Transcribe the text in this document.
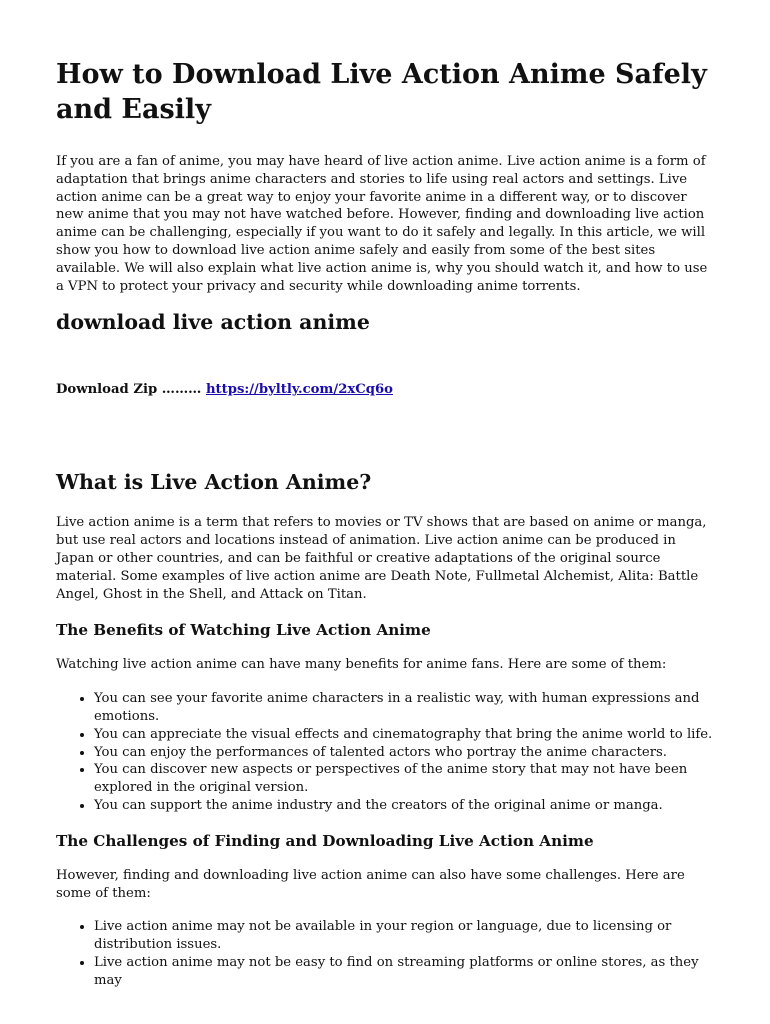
How to Download Live Action Anime Safely and Easily

If you are a fan of anime, you may have heard of live action anime. Live action anime is a form of adaptation that brings anime characters and stories to life using real actors and settings. Live action anime can be a great way to enjoy your favorite anime in a different way, or to discover new anime that you may not have watched before. However, finding and downloading live action anime can be challenging, especially if you want to do it safely and legally. In this article, we will show you how to download live action anime safely and easily from some of the best sites available. We will also explain what live action anime is, why you should watch it, and how to use a VPN to protect your privacy and security while downloading anime torrents.

download live action anime
Download Zip ……… https://byltly.com/2xCq6o
What is Live Action Anime?

Live action anime is a term that refers to movies or TV shows that are based on anime or manga, but use real actors and locations instead of animation. Live action anime can be produced in Japan or other countries, and can be faithful or creative adaptations of the original source material. Some examples of live action anime are Death Note, Fullmetal Alchemist, Alita: Battle Angel, Ghost in the Shell, and Attack on Titan.

The Benefits of Watching Live Action Anime

Watching live action anime can have many benefits for anime fans. Here are some of them:

• You can see your favorite anime characters in a realistic way, with human expressions and emotions.
• You can appreciate the visual effects and cinematography that bring the anime world to life.
• You can enjoy the performances of talented actors who portray the anime characters.
• You can discover new aspects or perspectives of the anime story that may not have been explored in the original version.
• You can support the anime industry and the creators of the original anime or manga.
The Challenges of Finding and Downloading Live Action Anime

However, finding and downloading live action anime can also have some challenges. Here are some of them:

• Live action anime may not be available in your region or language, due to licensing or distribution issues.
• Live action anime may not be easy to find on streaming platforms or online stores, as they may
